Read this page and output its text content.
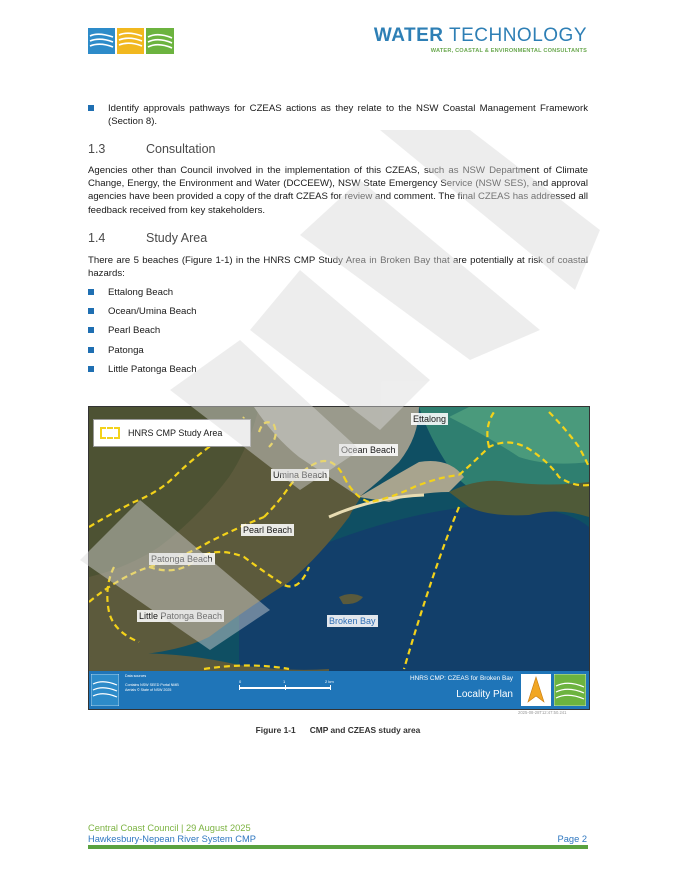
WATER TECHNOLOGY
WATER, COASTAL & ENVIRONMENTAL CONSULTANTS
Identify approvals pathways for CZEAS actions as they relate to the NSW Coastal Management Framework (Section 8).
1.3	Consultation
Agencies other than Council involved in the implementation of this CZEAS, such as NSW Department of Climate Change, Energy, the Environment and Water (DCCEEW), NSW State Emergency Service (NSW SES), and approval agencies have been provided a copy of the draft CZEAS for review and comment. The final CZEAS has addressed all feedback received from key stakeholders.
1.4	Study Area
There are 5 beaches (Figure 1-1) in the HNRS CMP Study Area in Broken Bay that are potentially at risk of coastal hazards:
Ettalong Beach
Ocean/Umina Beach
Pearl Beach
Patonga
Little Patonga Beach
HNRS CMP Study Area
Ettalong
Ocean Beach
Umina Beach
Pearl Beach
Patonga Beach
Little Patonga Beach	Broken Bay
Data sources
Contains NSW SEED Portal NMB Aerials © State of NSW 2025
0	1	2 km	HNRS CMP: CZEAS for Broken Bay
Locality Plan
2025-08-28T12:47:50.241
Figure 1-1 CMP and CZEAS study area
Central Coast Council | 29 August 2025
Hawkesbury-Nepean River System CMP	Page 2
